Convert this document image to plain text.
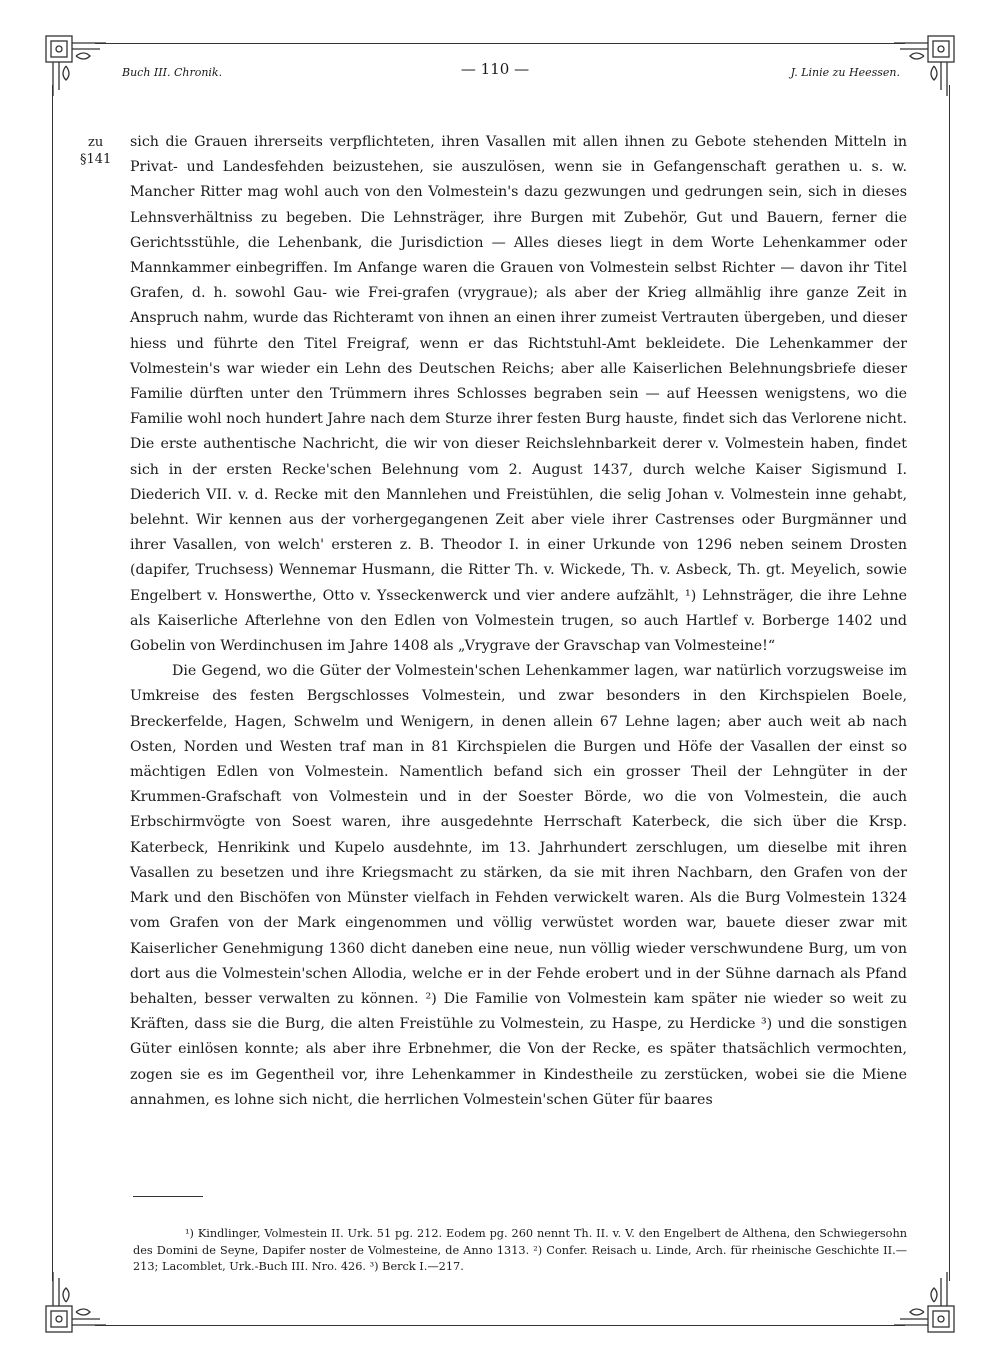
Buch III. Chronik.	— 110 —	J. Linie zu Heessen.
zu
§141

sich die Grauen ihrerseits verpflichteten, ihren Vasallen mit allen ihnen zu Gebote stehenden Mitteln in Privat- und Landesfehden beizustehen, sie auszulösen, wenn sie in Gefangenschaft gerathen u. s. w. Mancher Ritter mag wohl auch von den Volmestein's dazu gezwungen und gedrungen sein, sich in dieses Lehnsverhältniss zu begeben. Die Lehnsträger, ihre Burgen mit Zubehör, Gut und Bauern, ferner die Gerichtsstühle, die Lehenbank, die Jurisdiction — Alles dieses liegt in dem Worte Lehenkammer oder Mannkammer einbegriffen. Im Anfange waren die Grauen von Volmestein selbst Richter — davon ihr Titel Grafen, d. h. sowohl Gau- wie Frei-grafen (vrygraue); als aber der Krieg allmählig ihre ganze Zeit in Anspruch nahm, wurde das Richteramt von ihnen an einen ihrer zumeist Vertrauten übergeben, und dieser hiess und führte den Titel Freigraf, wenn er das Richtstuhl-Amt bekleidete. Die Lehenkammer der Volmestein's war wieder ein Lehn des Deutschen Reichs; aber alle Kaiserlichen Belehnungsbriefe dieser Familie dürften unter den Trümmern ihres Schlosses begraben sein — auf Heessen wenigstens, wo die Familie wohl noch hundert Jahre nach dem Sturze ihrer festen Burg hauste, findet sich das Verlorene nicht. Die erste authentische Nachricht, die wir von dieser Reichslehnbarkeit derer v. Volmestein haben, findet sich in der ersten Recke'schen Belehnung vom 2. August 1437, durch welche Kaiser Sigismund I. Diederich VII. v. d. Recke mit den Mannlehen und Freistühlen, die selig Johan v. Volmestein inne gehabt, belehnt. Wir kennen aus der vorhergegangenen Zeit aber viele ihrer Castrenses oder Burgmänner und ihrer Vasallen, von welch' ersteren z. B. Theodor I. in einer Urkunde von 1296 neben seinem Drosten (dapifer, Truchsess) Wennemar Husmann, die Ritter Th. v. Wickede, Th. v. Asbeck, Th. gt. Meyelich, sowie Engelbert v. Honswerthe, Otto v. Ysseckenwerck und vier andere aufzählt, ¹) Lehnsträger, die ihre Lehne als Kaiserliche Afterlehne von den Edlen von Volmestein trugen, so auch Hartlef v. Borberge 1402 und Gobelin von Werdinchusen im Jahre 1408 als „Vrygrave der Gravschap van Volmesteine!“

Die Gegend, wo die Güter der Volmestein'schen Lehenkammer lagen, war natürlich vorzugsweise im Umkreise des festen Bergschlosses Volmestein, und zwar besonders in den Kirchspielen Boele, Breckerfelde, Hagen, Schwelm und Wenigern, in denen allein 67 Lehne lagen; aber auch weit ab nach Osten, Norden und Westen traf man in 81 Kirchspielen die Burgen und Höfe der Vasallen der einst so mächtigen Edlen von Volmestein. Namentlich befand sich ein grosser Theil der Lehngüter in der Krummen-Grafschaft von Volmestein und in der Soester Börde, wo die von Volmestein, die auch Erbschirmvögte von Soest waren, ihre ausgedehnte Herrschaft Katerbeck, die sich über die Krsp. Katerbeck, Henrikink und Kupelo ausdehnte, im 13. Jahrhundert zerschlugen, um dieselbe mit ihren Vasallen zu besetzen und ihre Kriegsmacht zu stärken, da sie mit ihren Nachbarn, den Grafen von der Mark und den Bischöfen von Münster vielfach in Fehden verwickelt waren. Als die Burg Volmestein 1324 vom Grafen von der Mark eingenommen und völlig verwüstet worden war, bauete dieser zwar mit Kaiserlicher Genehmigung 1360 dicht daneben eine neue, nun völlig wieder verschwundene Burg, um von dort aus die Volmestein'schen Allodia, welche er in der Fehde erobert und in der Sühne darnach als Pfand behalten, besser verwalten zu können. ²) Die Familie von Volmestein kam später nie wieder so weit zu Kräften, dass sie die Burg, die alten Freistühle zu Volmestein, zu Haspe, zu Herdicke ³) und die sonstigen Güter einlösen konnte; als aber ihre Erbnehmer, die Von der Recke, es später thatsächlich vermochten, zogen sie es im Gegentheil vor, ihre Lehenkammer in Kindestheile zu zerstücken, wobei sie die Miene annahmen, es lohne sich nicht, die herrlichen Volmestein'schen Güter für baares

¹) Kindlinger, Volmestein II. Urk. 51 pg. 212. Eodem pg. 260 nennt Th. II. v. V. den Engelbert de Althena, den Schwiegersohn des Domini de Seyne, Dapifer noster de Volmesteine, de Anno 1313. ²) Confer. Reisach u. Linde, Arch. für rheinische Geschichte II.—213; Lacomblet, Urk.-Buch III. Nro. 426. ³) Berck I.—217.
